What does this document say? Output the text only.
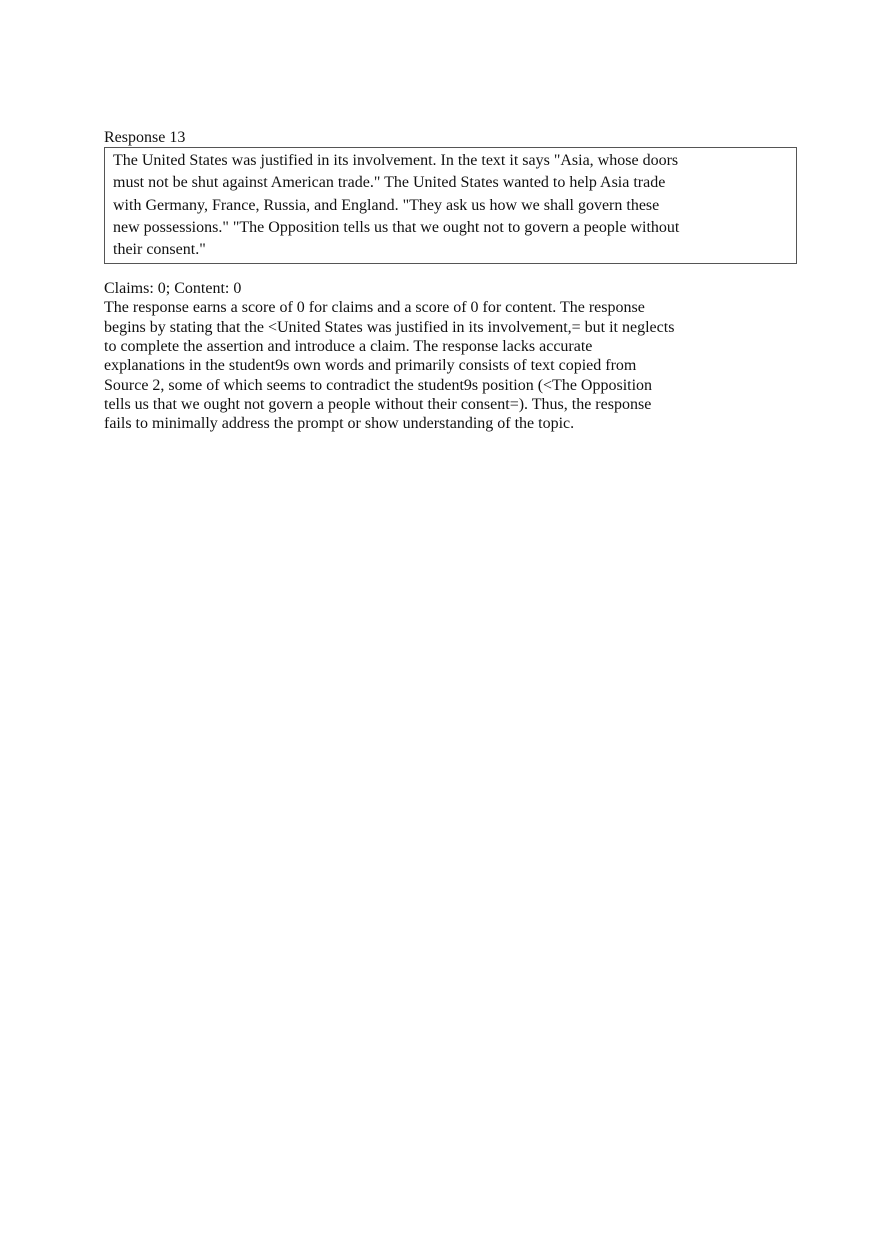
Response 13
The United States was justified in its involvement. In the text it says "Asia, whose doors
must not be shut against American trade." The United States wanted to help Asia trade
with Germany, France, Russia, and England. "They ask us how we shall govern these
new possessions." "The Opposition tells us that we ought not to govern a people without
their consent."
Claims: 0; Content: 0
The response earns a score of 0 for claims and a score of 0 for content. The response
begins by stating that the <United States was justified in its involvement,= but it neglects
to complete the assertion and introduce a claim. The response lacks accurate
explanations in the student9s own words and primarily consists of text copied from
Source 2, some of which seems to contradict the student9s position (<The Opposition
tells us that we ought not govern a people without their consent=). Thus, the response
fails to minimally address the prompt or show understanding of the topic.
